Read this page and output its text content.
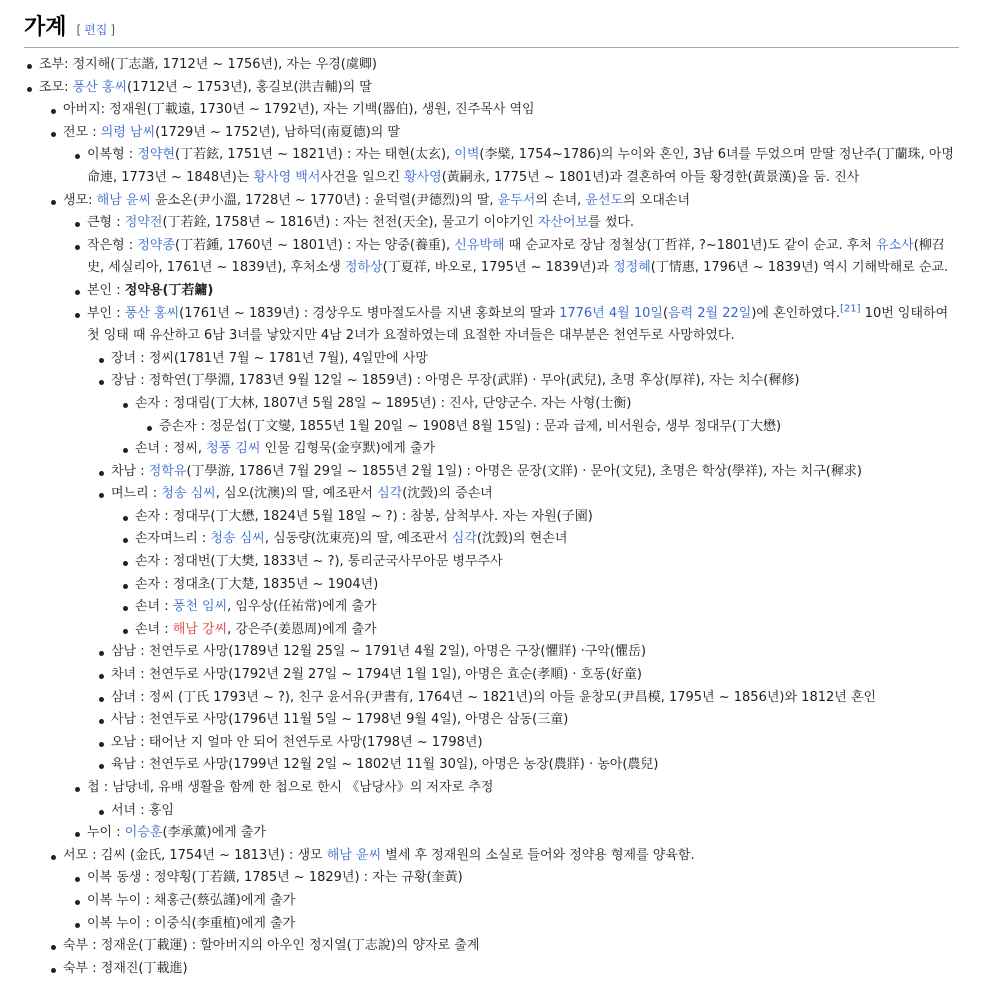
가계 [ 편집 ]
조부: 정지해(丁志諧, 1712년 ~ 1756년), 자는 우경(虞卿)
조모: 풍산 홍씨(1712년 ~ 1753년), 홍길보(洪吉輔)의 딸
아버지: 정재원(丁載遠, 1730년 ~ 1792년), 자는 기백(器伯), 생원, 진주목사 역임
전모 : 의령 남씨(1729년 ~ 1752년), 남하덕(南夏德)의 딸
이복형 : 정약현(丁若鉉, 1751년 ~ 1821년) : 자는 태현(太玄), 이벽(李檗, 1754~1786)의 누이와 혼인, 3남 6녀를 두었으며 맏딸 정난주(丁蘭珠, 아명 命連, 1773년 ~ 1848년)는 황사영 백서사건을 일으킨 황사영(黃嗣永, 1775년 ~ 1801년)과 결혼하여 아들 황경한(黃景漢)을 둠. 진사
생모: 해남 윤씨 윤소온(尹小溫, 1728년 ~ 1770년) : 윤덕렬(尹德烈)의 딸, 윤두서의 손녀, 윤선도의 오대손녀
큰형 : 정약전(丁若銓, 1758년 ~ 1816년) : 자는 천전(天全), 물고기 이야기인 자산어보를 썼다.
작은형 : 정약종(丁若鍾, 1760년 ~ 1801년) : 자는 양중(養重), 신유박해 때 순교자로 장남 정철상(丁哲祥, ?~1801년)도 같이 순교. 후처 유소사(柳召史, 세실리아, 1761년 ~ 1839년), 후처소생 정하상(丁夏祥, 바오로, 1795년 ~ 1839년)과 정정혜(丁情惠, 1796년 ~ 1839년) 역시 기해박해로 순교.
본인 : 정약용(丁若鏞)
부인 : 풍산 홍씨(1761년 ~ 1839년) : 경상우도 병마절도사를 지낸 홍화보의 딸과 1776년 4월 10일(음력 2월 22일)에 혼인하였다.[21] 10번 잉태하여 첫 잉태 때 유산하고 6남 3녀를 낳았지만 4남 2녀가 요절하였는데 요절한 자녀들은 대부분은 천연두로 사망하였다.
장녀 : 정씨(1781년 7월 ~ 1781년 7월), 4일만에 사망
장남 : 정학연(丁學淵, 1783년 9월 12일 ~ 1859년) : 아명은 무장(武牂) · 무아(武兒), 초명 후상(厚祥), 자는 치수(穉修)
손자 : 정대림(丁大林, 1807년 5월 28일 ~ 1895년) : 진사, 단양군수. 자는 사형(士衡)
증손자 : 정문섭(丁文燮, 1855년 1월 20일 ~ 1908년 8월 15일) : 문과 급제, 비서원승, 생부 정대무(丁大懋)
손녀 : 정씨, 청풍 김씨 인물 김형묵(金亨默)에게 출가
차남 : 정학유(丁學游, 1786년 7월 29일 ~ 1855년 2월 1일) : 아명은 문장(文牂) · 문아(文兒), 초명은 학상(學祥), 자는 치구(穉求)
며느리 : 청송 심씨, 심오(沈澳)의 딸, 예조판서 심각(沈瑴)의 증손녀
손자 : 정대무(丁大懋, 1824년 5월 18일 ~ ?) : 참봉, 삼척부사. 자는 자원(子園)
손자며느리 : 청송 심씨, 심동량(沈東亮)의 딸, 예조판서 심각(沈瑴)의 현손녀
손자 : 정대번(丁大樊, 1833년 ~ ?), 통리군국사무아문 병무주사
손자 : 정대초(丁大楚, 1835년 ~ 1904년)
손녀 : 풍천 임씨, 임우상(任祐常)에게 출가
손녀 : 해남 강씨, 강은주(姜恩周)에게 출가
삼남 : 천연두로 사망(1789년 12월 25일 ~ 1791년 4월 2일), 아명은 구장(懼牂) ·구악(懼岳)
차녀 : 천연두로 사망(1792년 2월 27일 ~ 1794년 1월 1일), 아명은 효순(孝順) · 호동(好童)
삼녀 : 정씨 (丁氏 1793년 ~ ?), 친구 윤서유(尹書有, 1764년 ~ 1821년)의 아들 윤창모(尹昌模, 1795년 ~ 1856년)와 1812년 혼인
사남 : 천연두로 사망(1796년 11월 5일 ~ 1798년 9월 4일), 아명은 삼동(三童)
오남 : 태어난 지 얼마 안 되어 천연두로 사망(1798년 ~ 1798년)
육남 : 천연두로 사망(1799년 12월 2일 ~ 1802년 11월 30일), 아명은 농장(農牂) · 농아(農兒)
첩 : 남당네, 유배 생활을 함께 한 첩으로 한시 《남당사》의 저자로 추정
서녀 : 홍임
누이 : 이승훈(李承薰)에게 출가
서모 : 김씨 (金氏, 1754년 ~ 1813년) : 생모 해남 윤씨 별세 후 정재원의 소실로 들어와 정약용 형제를 양육함.
이복 동생 : 정약횡(丁若鐄, 1785년 ~ 1829년) : 자는 규황(奎黃)
이복 누이 : 채홍근(蔡弘謹)에게 출가
이복 누이 : 이중식(李重植)에게 출가
숙부 : 정재운(丁載運) : 할아버지의 아우인 정지열(丁志說)의 양자로 출계
숙부 : 정재진(丁載進)
